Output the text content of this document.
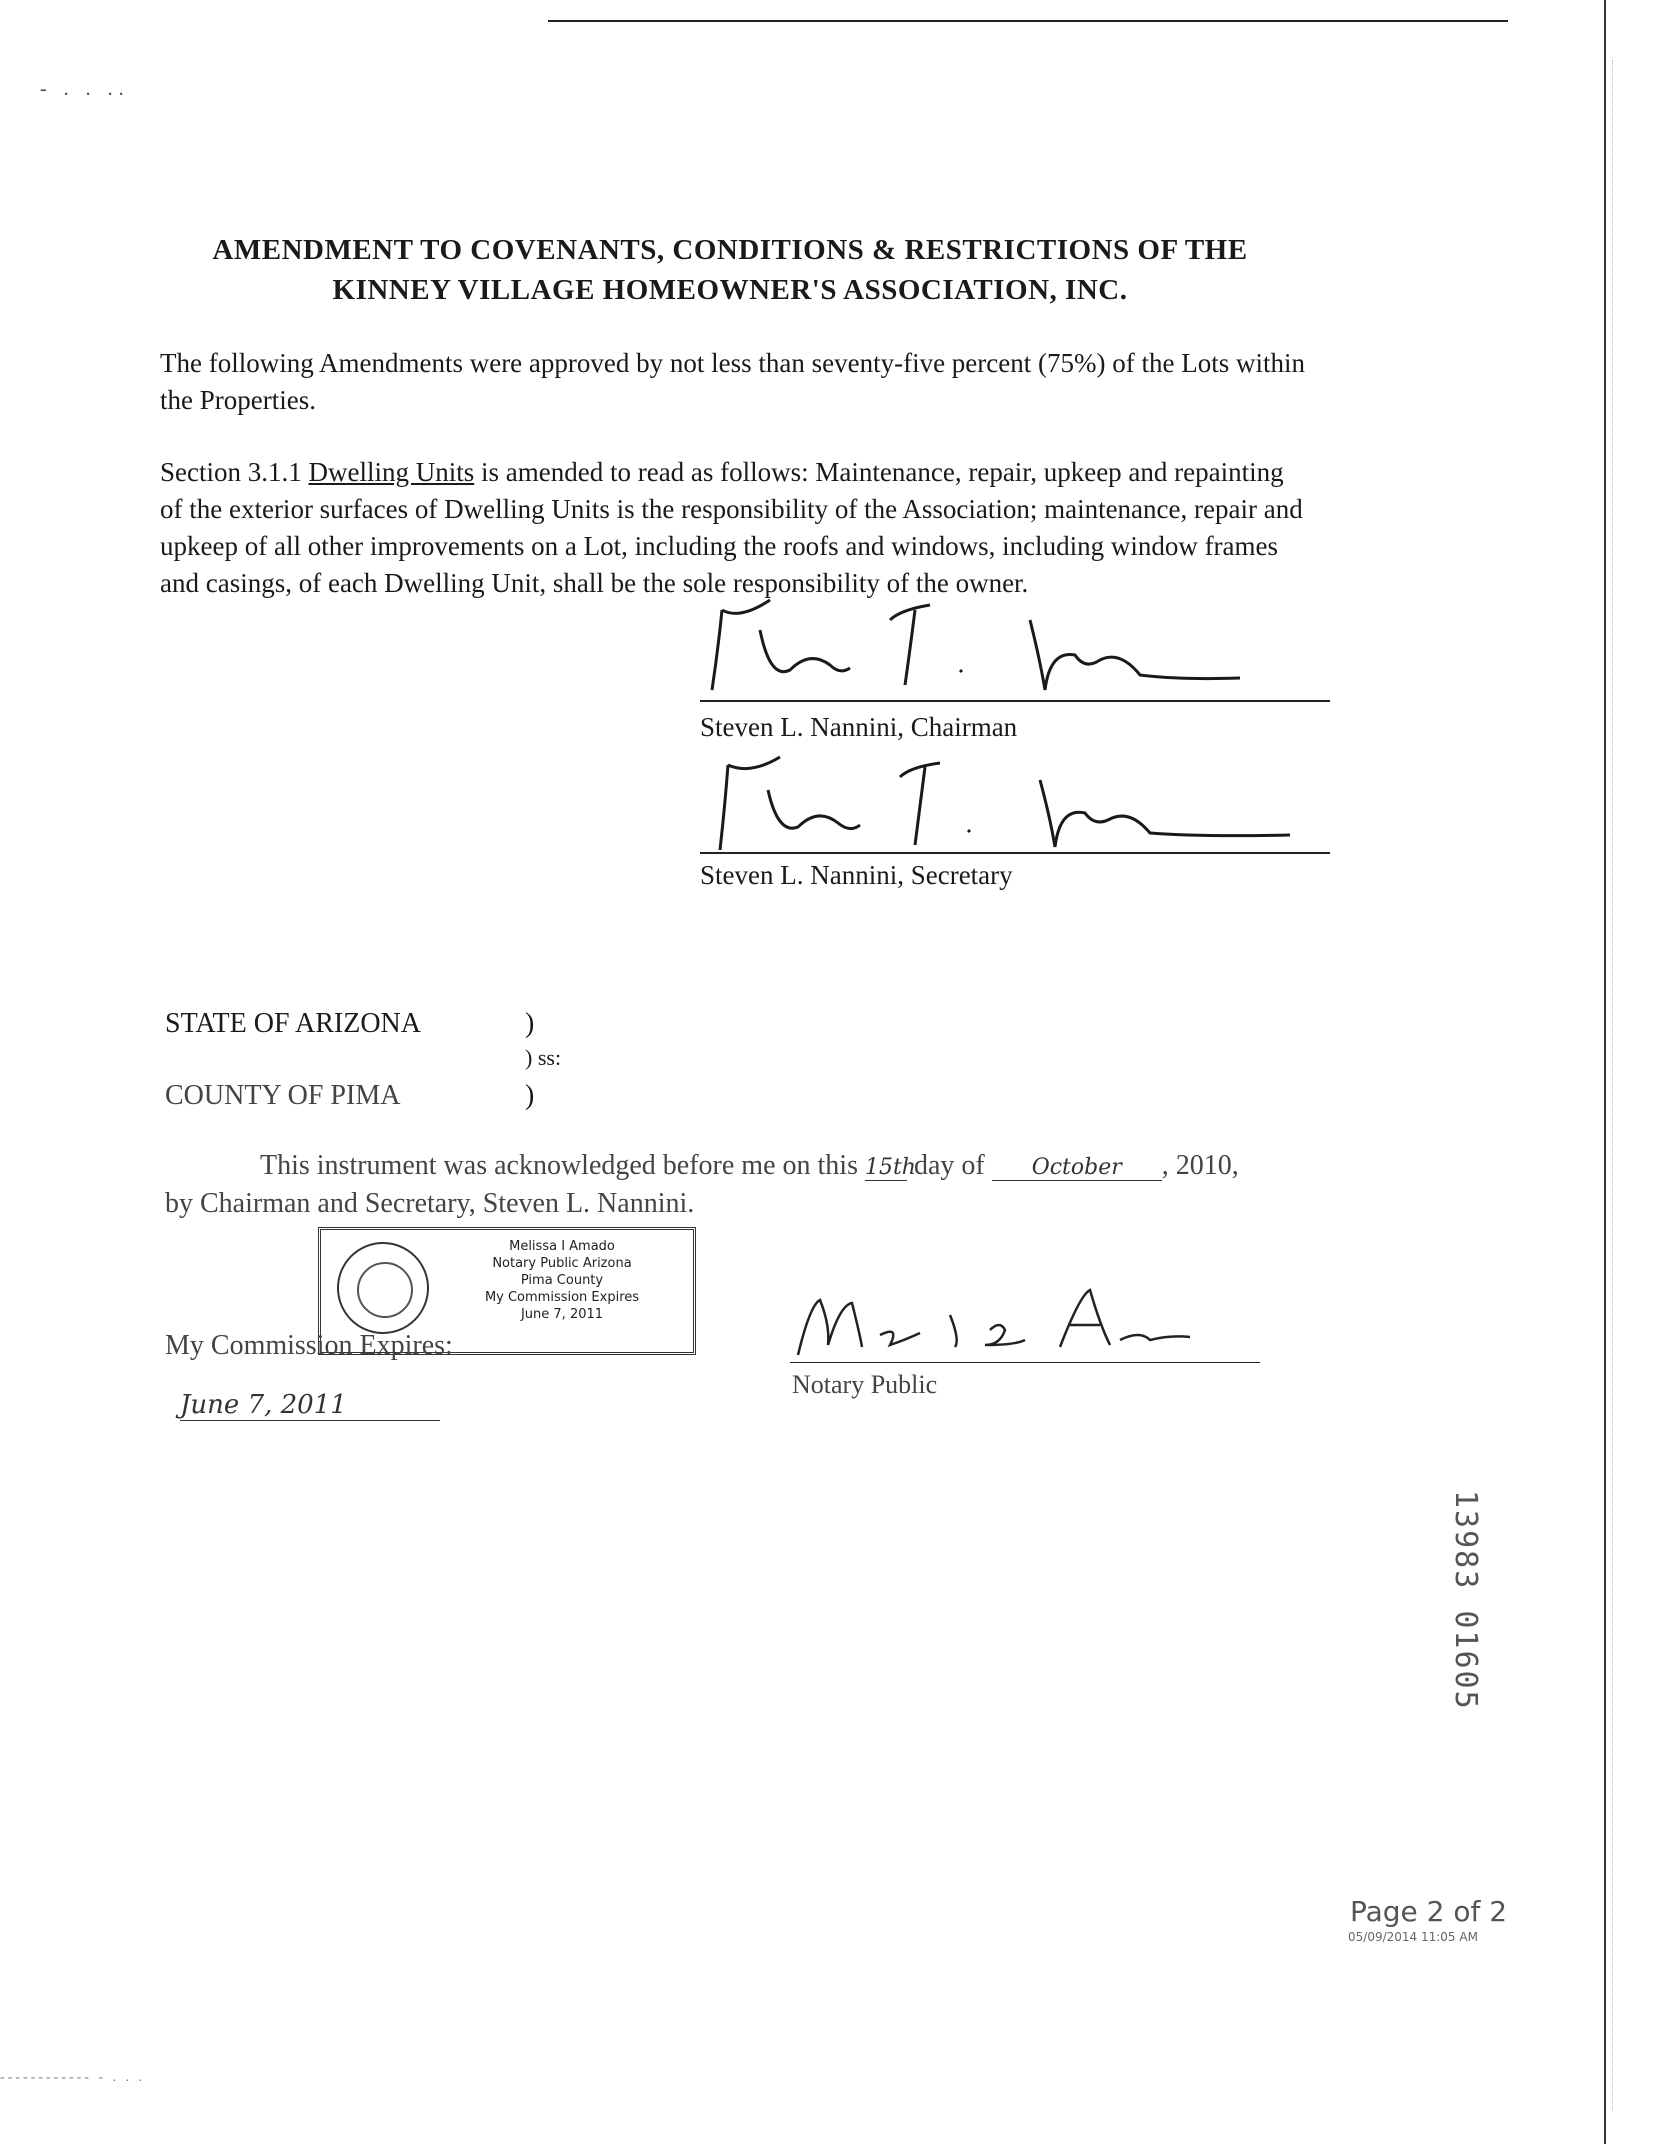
- . . ..
AMENDMENT TO COVENANTS, CONDITIONS & RESTRICTIONS OF THE
KINNEY VILLAGE HOMEOWNER'S ASSOCIATION, INC.
The following Amendments were approved by not less than seventy-five percent (75%) of the Lots within the Properties.
Section 3.1.1 Dwelling Units is amended to read as follows: Maintenance, repair, upkeep and repainting of the exterior surfaces of Dwelling Units is the responsibility of the Association; maintenance, repair and upkeep of all other improvements on a Lot, including the roofs and windows, including window frames and casings, of each Dwelling Unit, shall be the sole responsibility of the owner.
Steven L. Nannini, Chairman
Steven L. Nannini, Secretary
STATE OF ARIZONA	)
) ss:
COUNTY OF PIMA	)
This instrument was acknowledged before me on this 15th day of October , 2010,
by Chairman and Secretary, Steven L. Nannini.
Melissa I Amado
Notary Public Arizona
Pima County
My Commission Expires
June 7, 2011
My Commission Expires:
June 7, 2011
Notary Public
13983 01605
Page 2 of 2
05/09/2014 11:05 AM
------------ - . . .
